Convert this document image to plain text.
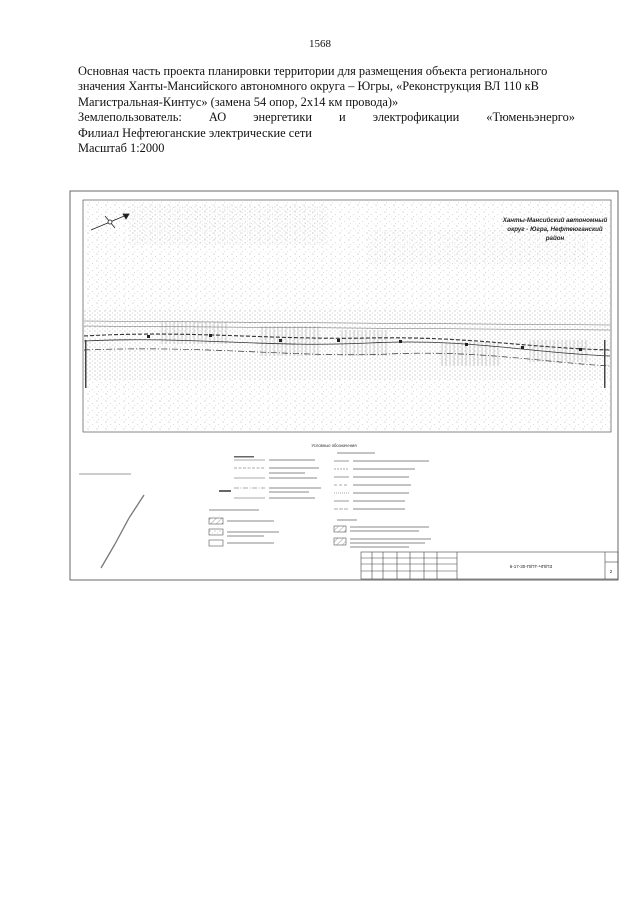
1568
Основная часть проекта планировки территории для размещения объекта регионального
значения Ханты-Мансийского автономного округа – Югры, «Реконструкция ВЛ 110 кВ
Магистральная-Кинтус» (замена 54 опор, 2х14 км провода)»
Землепользователь: АО энергетики и электрофикации «Тюменьэнерго»
Филиал Нефтеюганские электрические сети
Масштаб 1:2000
Ханты-Мансийский автономный
округ - Югра, Нефтеюганский
район
Условные обозначения
6-17-30-П/ПТ-ЧП/ПЗ
2
